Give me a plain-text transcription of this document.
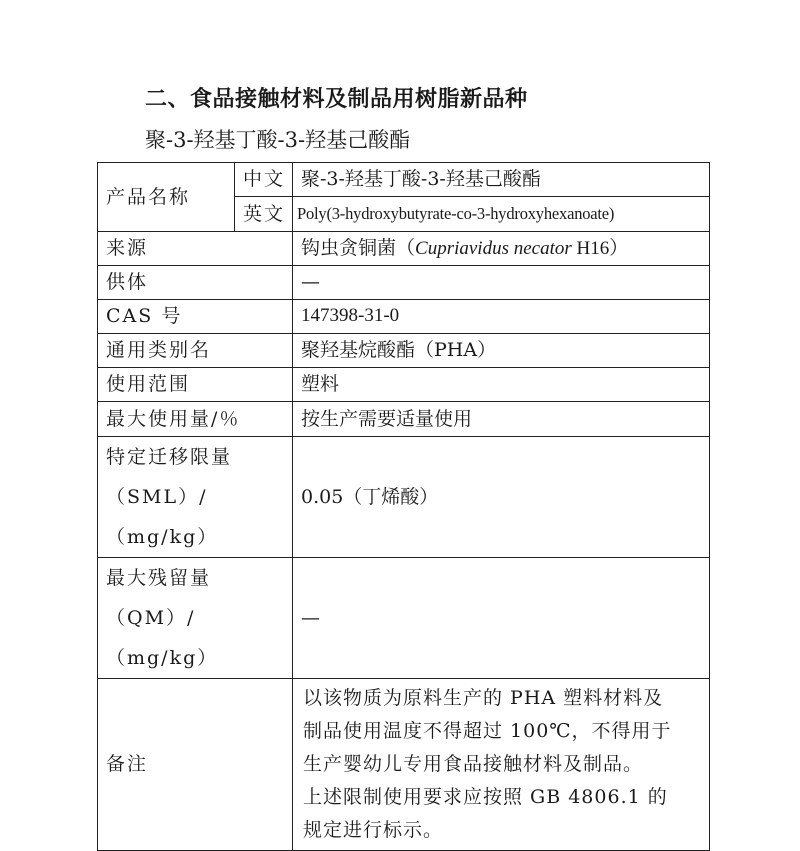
二、食品接触材料及制品用树脂新品种
聚-3-羟基丁酸-3-羟基己酸酯
产品名称	中文	聚-3-羟基丁酸-3-羟基己酸酯
	英文	Poly(3-hydroxybutyrate-co-3-hydroxyhexanoate)
来源		钩虫贪铜菌（Cupriavidus necator H16）
供体		—
CAS 号		147398-31-0
通用类别名		聚羟基烷酸酯（PHA）
使用范围		塑料
最大使用量/％		按生产需要适量使用
特定迁移限量
（SML）/（mg/kg）		0.05（丁烯酸）
最大残留量
（QM）/（mg/kg）		—
备注		以该物质为原料生产的 PHA 塑料材料及
制品使用温度不得超过 100℃，不得用于
生产婴幼儿专用食品接触材料及制品。
上述限制使用要求应按照 GB 4806.1 的
规定进行标示。
